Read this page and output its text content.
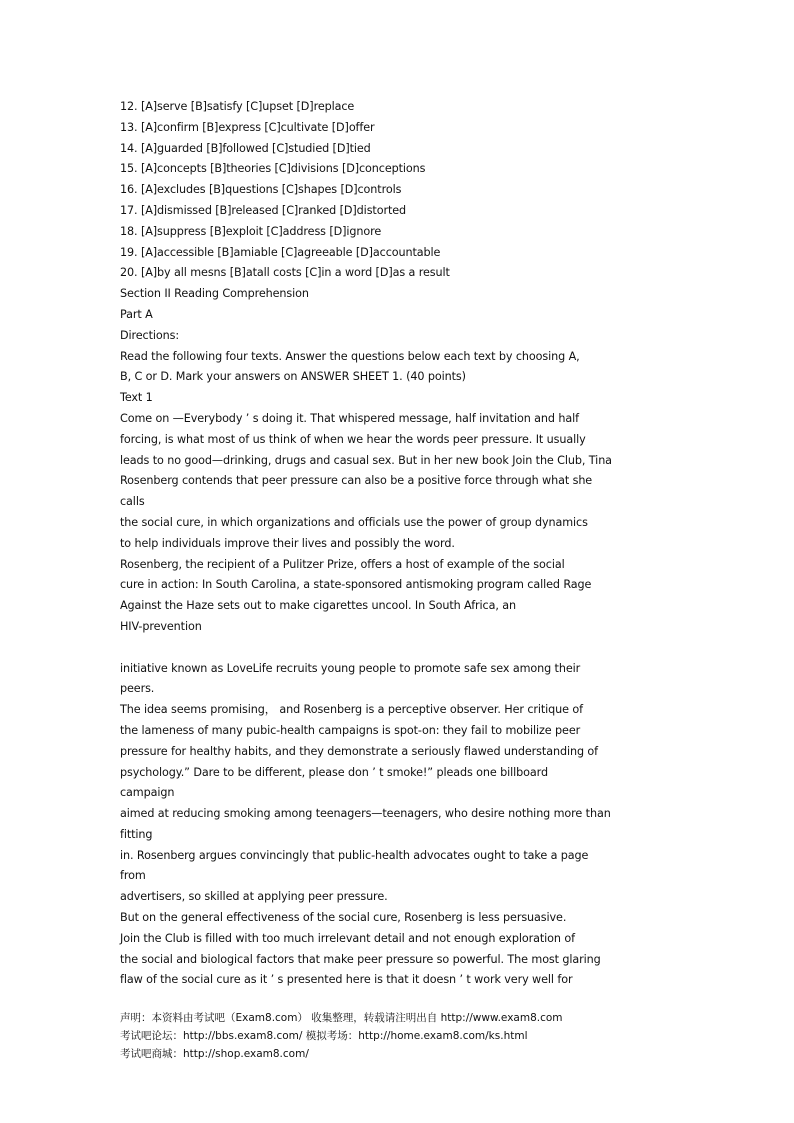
12. [A]serve [B]satisfy [C]upset [D]replace
13. [A]confirm [B]express [C]cultivate [D]offer
14. [A]guarded [B]followed [C]studied [D]tied
15. [A]concepts [B]theories [C]divisions [D]conceptions
16. [A]excludes [B]questions [C]shapes [D]controls
17. [A]dismissed [B]released [C]ranked [D]distorted
18. [A]suppress [B]exploit [C]address [D]ignore
19. [A]accessible [B]amiable [C]agreeable [D]accountable
20. [A]by all mesns [B]atall costs [C]in a word [D]as a result
Section II Reading Comprehension
Part A
Directions:
Read the following four texts. Answer the questions below each text by choosing A,
B, C or D. Mark your answers on ANSWER SHEET 1. (40 points)
Text 1
Come on —Everybody ’ s doing it. That whispered message, half invitation and half
forcing, is what most of us think of when we hear the words peer pressure. It usually
leads to no good—drinking, drugs and casual sex. But in her new book Join the Club, Tina
Rosenberg contends that peer pressure can also be a positive force through what she
calls
the social cure, in which organizations and officials use the power of group dynamics
to help individuals improve their lives and possibly the word.
Rosenberg, the recipient of a Pulitzer Prize, offers a host of example of the social
cure in action: In South Carolina, a state-sponsored antismoking program called Rage
Against the Haze sets out to make cigarettes uncool. In South Africa, an
HIV-prevention
initiative known as LoveLife recruits young people to promote safe sex among their
peers.
The idea seems promising， and Rosenberg is a perceptive observer. Her critique of
the lameness of many pubic-health campaigns is spot-on: they fail to mobilize peer
pressure for healthy habits, and they demonstrate a seriously flawed understanding of
psychology.” Dare to be different, please don ’ t smoke!” pleads one billboard
campaign
aimed at reducing smoking among teenagers—teenagers, who desire nothing more than
fitting
in. Rosenberg argues convincingly that public-health advocates ought to take a page
from
advertisers, so skilled at applying peer pressure.
But on the general effectiveness of the social cure, Rosenberg is less persuasive.
Join the Club is filled with too much irrelevant detail and not enough exploration of
the social and biological factors that make peer pressure so powerful. The most glaring
flaw of the social cure as it ’ s presented here is that it doesn ’ t work very well for
声明：本资料由考试吧（Exam8.com） 收集整理，转载请注明出自 http://www.exam8.com
考试吧论坛：http://bbs.exam8.com/ 模拟考场：http://home.exam8.com/ks.html
考试吧商城：http://shop.exam8.com/
